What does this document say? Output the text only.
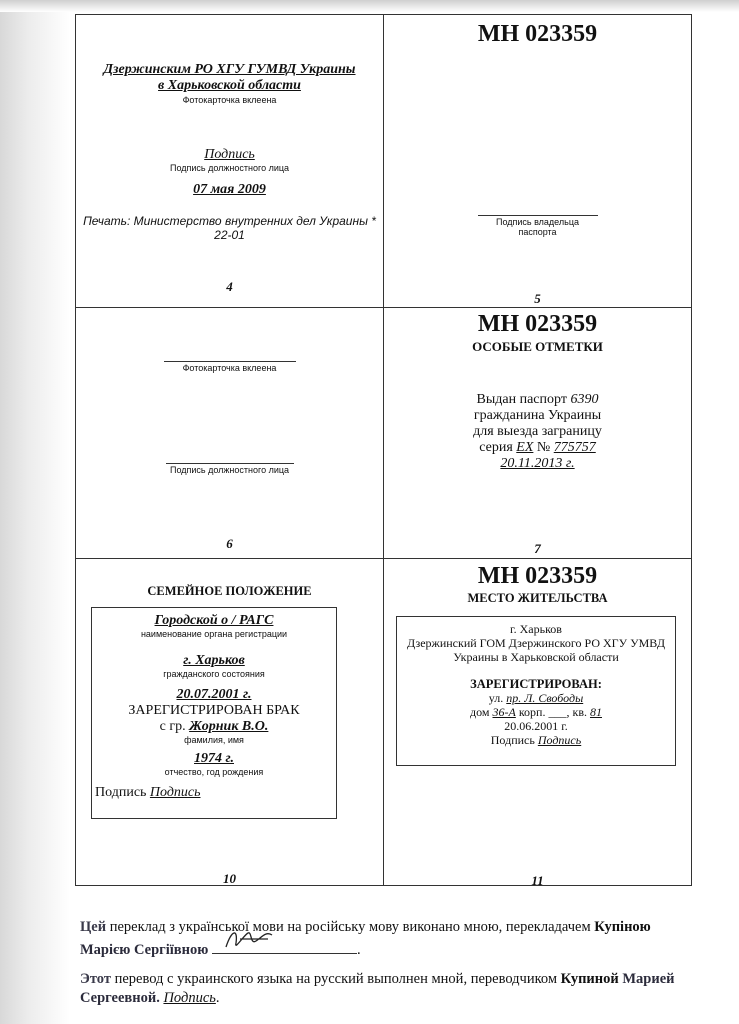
Дзержинским РО ХГУ ГУМВД Украины
в Харьковской области
Фотокарточка вклеена
Подпись
Подпись должностного лица
07 мая 2009
Печать: Министерство внутренних дел Украины *
22-01
4
МН 023359
Подпись владельца паспорта
5
Фотокарточка вклеена
Подпись должностного лица
6
МН 023359
ОСОБЫЕ ОТМЕТКИ
Выдан паспорт 6390
гражданина Украины
для выезда заграницу
серия ЕХ № 775757
20.11.2013 г.
7
СЕМЕЙНОЕ ПОЛОЖЕНИЕ
Городской о / РАГС
наименование органа регистрации
г. Харьков
гражданского состояния
20.07.2001 г.
ЗАРЕГИСТРИРОВАН БРАК
с гр. Жорник В.О.
фамилия, имя
1974 г.
отчество, год рождения
Подпись Подпись
10
МН 023359
МЕСТО ЖИТЕЛЬСТВА
г. Харьков
Дзержинский ГОМ Дзержинского РО ХГУ УМВД
Украины в Харьковской области
ЗАРЕГИСТРИРОВАН:
ул. пр. Л. Свободы
дом 36-А корп. ___, кв. 81
20.06.2001 г.
Подпись Подпись
11
Цей переклад з української мови на російську мову виконано мною, перекладачем Купіною Марією Сергіївною	.
Этот перевод с украинского языка на русский выполнен мной, переводчиком Купиной Марией Сергеевной. Подпись.
